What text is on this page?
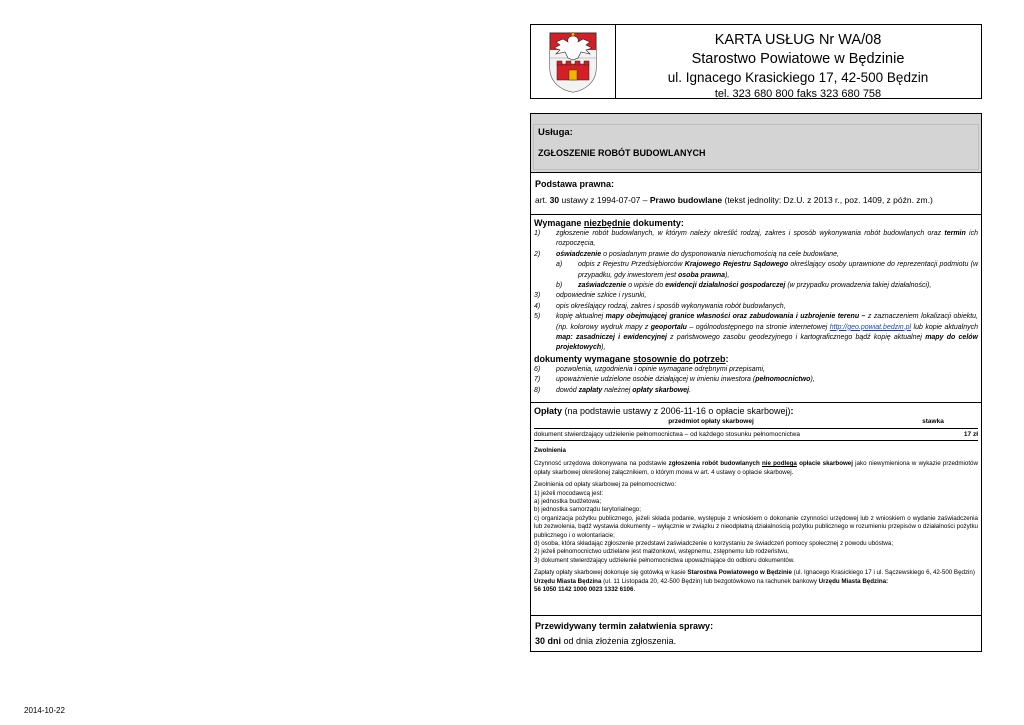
2014-10-22
KARTA USŁUG Nr WA/08
Starostwo Powiatowe w Będzinie
ul. Ignacego Krasickiego 17, 42-500 Będzin
tel. 323 680 800 faks 323 680 758
Usługa:
ZGŁOSZENIE ROBÓT BUDOWLANYCH
Podstawa prawna:
art. 30 ustawy z 1994-07-07 – Prawo budowlane (tekst jednolity: Dz.U. z 2013 r., poz. 1409, z późn. zm.)
Wymagane niezbędnie dokumenty:
1)	zgłoszenie robót budowlanych, w którym należy określić rodzaj, zakres i sposób wykonywania robót budowlanych oraz termin ich rozpoczęcia,
2)	oświadczenie o posiadanym prawie do dysponowania nieruchomością na cele budowlane,
a)	odpis z Rejestru Przedsiębiorców Krajowego Rejestru Sądowego określający osoby uprawnione do reprezentacji podmiotu (w przypadku, gdy inwestorem jest osoba prawna),
b)	zaświadczenie o wpisie do ewidencji działalności gospodarczej (w przypadku prowadzenia takiej działalności),
3)	odpowiednie szkice i rysunki,
4)	opis określający rodzaj, zakres i sposób wykonywania robót budowlanych,
5)	kopię aktualnej mapy obejmującej granice własności oraz zabudowania i uzbrojenie terenu – z zaznaczeniem lokalizacji obiektu, (np. kolorowy wydruk mapy z geoportalu – ogólnodostępnego na stronie internetowej http://geo.powiat.bedzin.pl lub kopie aktualnych map: zasadniczej i ewidencyjnej z państwowego zasobu geodezyjnego i kartograficznego bądź kopię aktualnej mapy do celów projektowych),
dokumenty wymagane stosownie do potrzeb:
6)	pozwolenia, uzgodnienia i opinie wymagane odrębnymi przepisami,
7)	upoważnienie udzielone osobie działającej w imieniu inwestora (pełnomocnictwo),
8)	dowód zapłaty należnej opłaty skarbowej.
Opłaty (na podstawie ustawy z 2006-11-16 o opłacie skarbowej):
przedmiot opłaty skarbowej	stawka
dokument stwierdzający udzielenie pełnomocnictwa – od każdego stosunku pełnomocnictwa	17 zł
Zwolnienia
Czynność urzędowa dokonywana na podstawie zgłoszenia robót budowlanych nie podlega opłacie skarbowej jako niewymieniona w wykazie przedmiotów opłaty skarbowej określonej załącznikiem, o którym mowa w art. 4 ustawy o opłacie skarbowej.
Zwolnienia od opłaty skarbowej za pełnomocnictwo:
1) jeżeli mocodawcą jest:
a) jednostka budżetowa;
b) jednostka samorządu terytorialnego;
c) organizacja pożytku publicznego, jeżeli składa podanie, występuje z wnioskiem o dokonanie czynności urzędowej lub z wnioskiem o wydanie zaświadczenia lub zezwolenia, bądź wystawia dokumenty – wyłącznie w związku z nieodpłatną działalnością pożytku publicznego w rozumieniu przepisów o działalności pożytku publicznego i o wolontariacie;
d) osoba, która składając zgłoszenie przedstawi zaświadczenie o korzystaniu ze świadczeń pomocy społecznej z powodu ubóstwa;
2) jeżeli pełnomocnictwo udzielane jest małżonkowi, wstępnemu, zstępnemu lub rodzeństwu,
3) dokument stwierdzający udzielenie pełnomocnictwa upoważniające do odbioru dokumentów.
Zapłaty opłaty skarbowej dokonuje się gotówką w kasie Starostwa Powiatowego w Będzinie (ul. Ignacego Krasickiego 17 i ul. Sączewskiego 6, 42-500 Będzin)
Urzędu Miasta Będzina (ul. 11 Listopada 20, 42-500 Będzin) lub bezgotówkowo na rachunek bankowy Urzędu Miasta Będzina:
56 1050 1142 1000 0023 1332 6106.
Przewidywany termin załatwienia sprawy:
30 dni od dnia złożenia zgłoszenia.
